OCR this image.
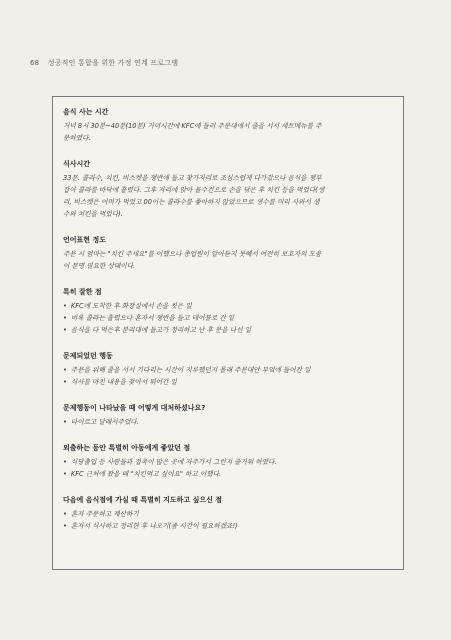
68 성공적인 통합을 위한 가정 연계 프로그램
음식 사는 시간
거녁 8시 30분~40분(10분) 거녁시간에 KFC에 들러 주문대에서 줄을 서서 세트메뉴를 주
문하였다.
식사시간
33분. 콜라수, 치킨, 비스켓을 쟁반에 들고 찾가자리로 조심스럽게 다가갔으나 음식을 쟁부
잡아 콜라를 바닥에 흘렸다. 그후 자리에 앉아 물수건으로 손을 닦은 후 치킨 등을 먹었다(생
리, 비스켓은 어머가 먹었고 00이는 콜라수를 좋아하지 않았으므로 생수를 미리 사와서 생
수와 치킨을 먹었다).
언어표현 정도
주문 시 엄마는 "치킨 주세요"를 이했으나 종업원이 알아듣지 못해서 여전히 보호자의 도움
이 분명 필요한 상태이다.
특히 잘한 점
• KFC에 도착한 후 화장실에서 손을 씻은 일
• 비록 콜라는 흘렸으나 혼자서 쟁반을 들고 테이블로 간 일
• 음식을 다 먹은후 분리대에 들고가 정리하고 난 후 문을 나선 일
문제되었던 행동
• 주문을 위해 줄을 서서 기다리는 시간이 지루했던지 몰래 주문대안 부엌에 들어간 일
• 식사를 마친 내용을 찾아서 뛰어간 일
문제행동이 나타났을 때 어떻게 대처하셨나요?
• 타이르고 달래서주었다.
외출하는 동안 특별히 아동에게 좋았던 점
• 식당출입 등 사람들과 접촉이 많은 곳에 자주가서 그런지 즐거워 하였다.
• KFC 근처에 왔을 때 "치킨먹고 싶어요" 하고 이했다.
다음에 음식점에 가실 때 특별히 지도하고 싶으신 점
• 혼자 주문하고 계산하기
• 혼자서 식사하고 정리한 후 나오기(좀 시간이 필요하겠죠!)
